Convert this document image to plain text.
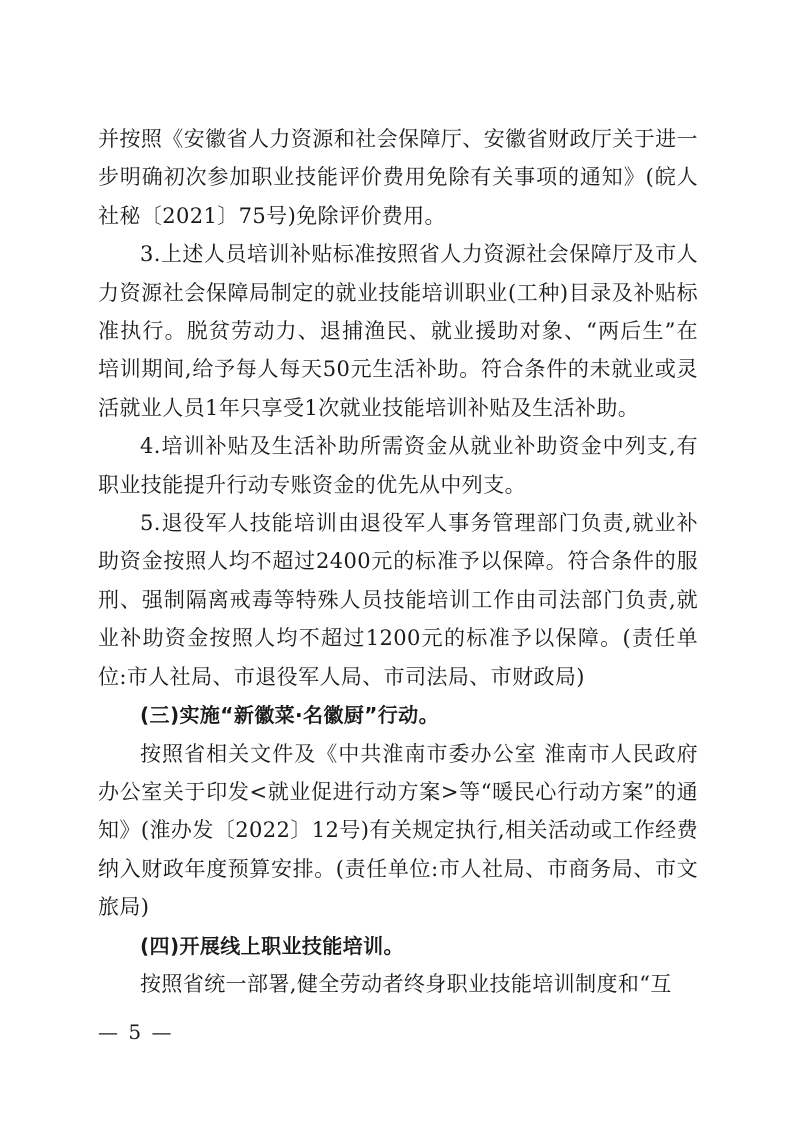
并按照《安徽省人力资源和社会保障厅、安徽省财政厅关于进一步明确初次参加职业技能评价费用免除有关事项的通知》(皖人社秘〔2021〕75号)免除评价费用。

3.上述人员培训补贴标准按照省人力资源社会保障厅及市人力资源社会保障局制定的就业技能培训职业(工种)目录及补贴标准执行。脱贫劳动力、退捕渔民、就业援助对象、“两后生”在培训期间,给予每人每天50元生活补助。符合条件的未就业或灵活就业人员1年只享受1次就业技能培训补贴及生活补助。

4.培训补贴及生活补助所需资金从就业补助资金中列支,有职业技能提升行动专账资金的优先从中列支。

5.退役军人技能培训由退役军人事务管理部门负责,就业补助资金按照人均不超过2400元的标准予以保障。符合条件的服刑、强制隔离戒毒等特殊人员技能培训工作由司法部门负责,就业补助资金按照人均不超过1200元的标准予以保障。(责任单位:市人社局、市退役军人局、市司法局、市财政局)

(三)实施“新徽菜·名徽厨”行动。

按照省相关文件及《中共淮南市委办公室 淮南市人民政府办公室关于印发<就业促进行动方案>等“暖民心行动方案”的通知》(淮办发〔2022〕12号)有关规定执行,相关活动或工作经费纳入财政年度预算安排。(责任单位:市人社局、市商务局、市文旅局)

(四)开展线上职业技能培训。

按照省统一部署,健全劳动者终身职业技能培训制度和“互

— 5 —
